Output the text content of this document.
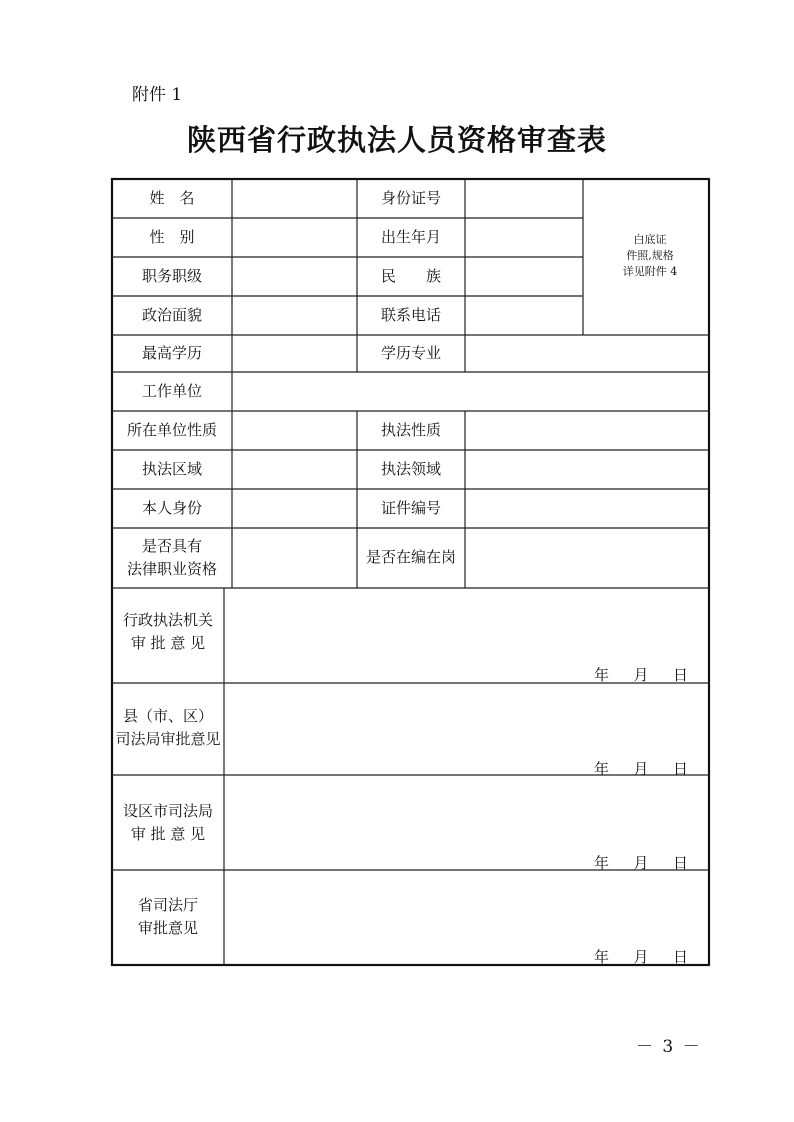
附件 1
陕西省行政执法人员资格审查表
姓　名
性　别
职务职级
政治面貌
最高学历
工作单位
所在单位性质
执法区域
本人身份
是否具有
法律职业资格
身份证号
出生年月
民　　族
联系电话
学历专业
执法性质
执法领域
证件编号
是否在编在岗
白底证
件照,规格
详见附件 4
行政执法机关
审 批 意 见
年 月 日
县（市、区）
司法局审批意见
年 月 日
设区市司法局
审 批 意 见
年 月 日
省司法厅
审批意见
年 月 日
－ 3 －
